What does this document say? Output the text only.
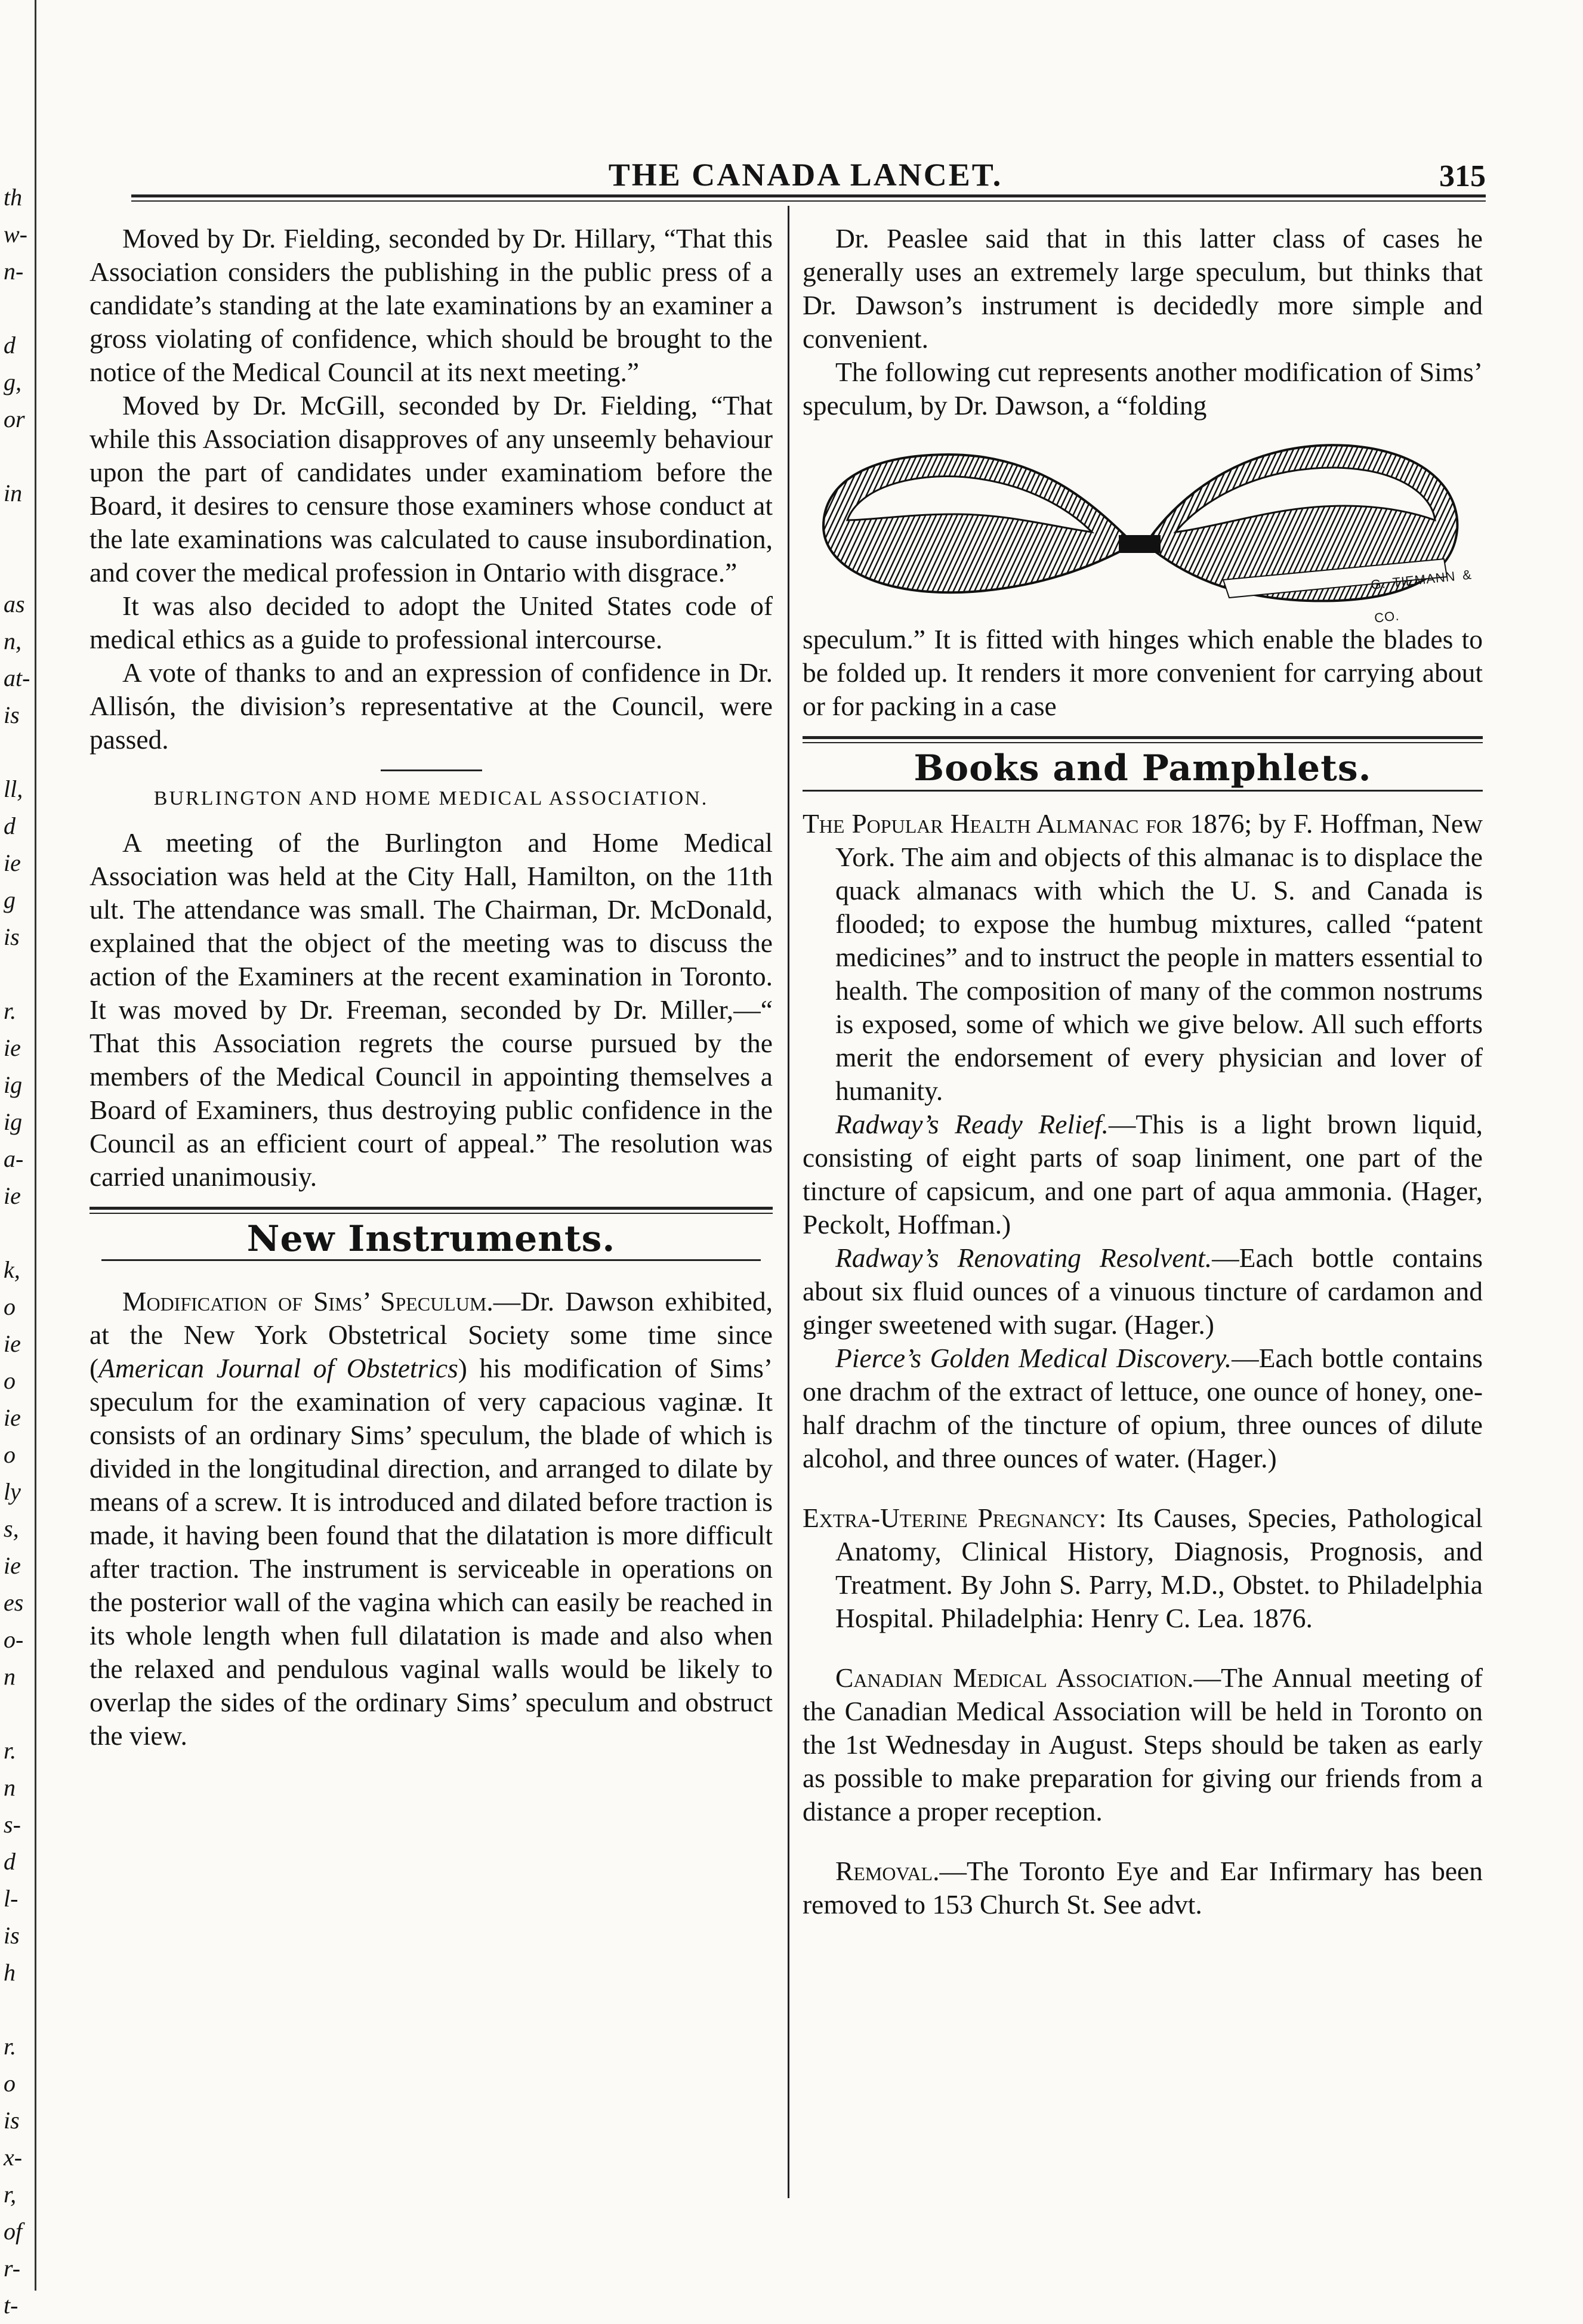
th
w-
n-
d
g,
or
in
as
n,
at-
is
ll,
d
ie
g
is
r.
ie
ig
ig
a-
ie
k,
o
ie
o
ie
o
ly
s,
ie
es
o-
n
r.
n
s-
d
l-
is
h
r.
o
is
x-
r,
of
r-
t-
THE CANADA LANCET.	315

Moved by Dr. Fielding, seconded by Dr. Hillary, “That this Association considers the publishing in the public press of a candidate’s standing at the late examinations by an examiner a gross violating of confidence, which should be brought to the notice of the Medical Council at its next meeting.”

Moved by Dr. McGill, seconded by Dr. Fielding, “That while this Association disapproves of any unseemly behaviour upon the part of candidates under examinatiom before the Board, it desires to censure those examiners whose conduct at the late examinations was calculated to cause insubordination, and cover the medical profession in Ontario with disgrace.”

It was also decided to adopt the United States code of medical ethics as a guide to professional intercourse.

A vote of thanks to and an expression of confidence in Dr. Allisón, the division’s representative at the Council, were passed.

BURLINGTON AND HOME MEDICAL ASSOCIATION.

A meeting of the Burlington and Home Medical Association was held at the City Hall, Hamilton, on the 11th ult. The attendance was small. The Chairman, Dr. McDonald, explained that the object of the meeting was to discuss the action of the Examiners at the recent examination in Toronto. It was moved by Dr. Freeman, seconded by Dr. Miller,—“ That this Association regrets the course pursued by the members of the Medical Council in appointing themselves a Board of Examiners, thus destroying public confidence in the Council as an efficient court of appeal.” The resolution was carried unanimousiy.

New Instruments.

Modification of Sims’ Speculum.—Dr. Dawson exhibited, at the New York Obstetrical Society some time since (American Journal of Obstetrics) his modification of Sims’ speculum for the examination of very capacious vaginæ. It consists of an ordinary Sims’ speculum, the blade of which is divided in the longitudinal direction, and arranged to dilate by means of a screw. It is introduced and dilated before traction is made, it having been found that the dilatation is more difficult after traction. The instrument is serviceable in operations on the posterior wall of the vagina which can easily be reached in its whole length when full dilatation is made and also when the relaxed and pendulous vaginal walls would be likely to overlap the sides of the ordinary Sims’ speculum and obstruct the view.

Dr. Peaslee said that in this latter class of cases he generally uses an extremely large speculum, but thinks that Dr. Dawson’s instrument is decidedly more simple and convenient.

The following cut represents another modification of Sims’ speculum, by Dr. Dawson, a “folding

G. TIEMANN & CO.

speculum.” It is fitted with hinges which enable the blades to be folded up. It renders it more convenient for carrying about or for packing in a case

Books and Pamphlets.

The Popular Health Almanac for 1876; by F. Hoffman, New York. The aim and objects of this almanac is to displace the quack almanacs with which the U. S. and Canada is flooded; to expose the humbug mixtures, called “patent medicines” and to instruct the people in matters essential to health. The composition of many of the common nostrums is exposed, some of which we give below. All such efforts merit the endorsement of every physician and lover of humanity.

Radway’s Ready Relief.—This is a light brown liquid, consisting of eight parts of soap liniment, one part of the tincture of capsicum, and one part of aqua ammonia. (Hager, Peckolt, Hoffman.)

Radway’s Renovating Resolvent.—Each bottle contains about six fluid ounces of a vinuous tincture of cardamon and ginger sweetened with sugar. (Hager.)

Pierce’s Golden Medical Discovery.—Each bottle contains one drachm of the extract of lettuce, one ounce of honey, one-half drachm of the tincture of opium, three ounces of dilute alcohol, and three ounces of water. (Hager.)

Extra-Uterine Pregnancy: Its Causes, Species, Pathological Anatomy, Clinical History, Diagnosis, Prognosis, and Treatment. By John S. Parry, M.D., Obstet. to Philadelphia Hospital. Philadelphia: Henry C. Lea. 1876.

Canadian Medical Association.—The Annual meeting of the Canadian Medical Association will be held in Toronto on the 1st Wednesday in August. Steps should be taken as early as possible to make preparation for giving our friends from a distance a proper reception.

Removal.—The Toronto Eye and Ear Infirmary has been removed to 153 Church St. See advt.
